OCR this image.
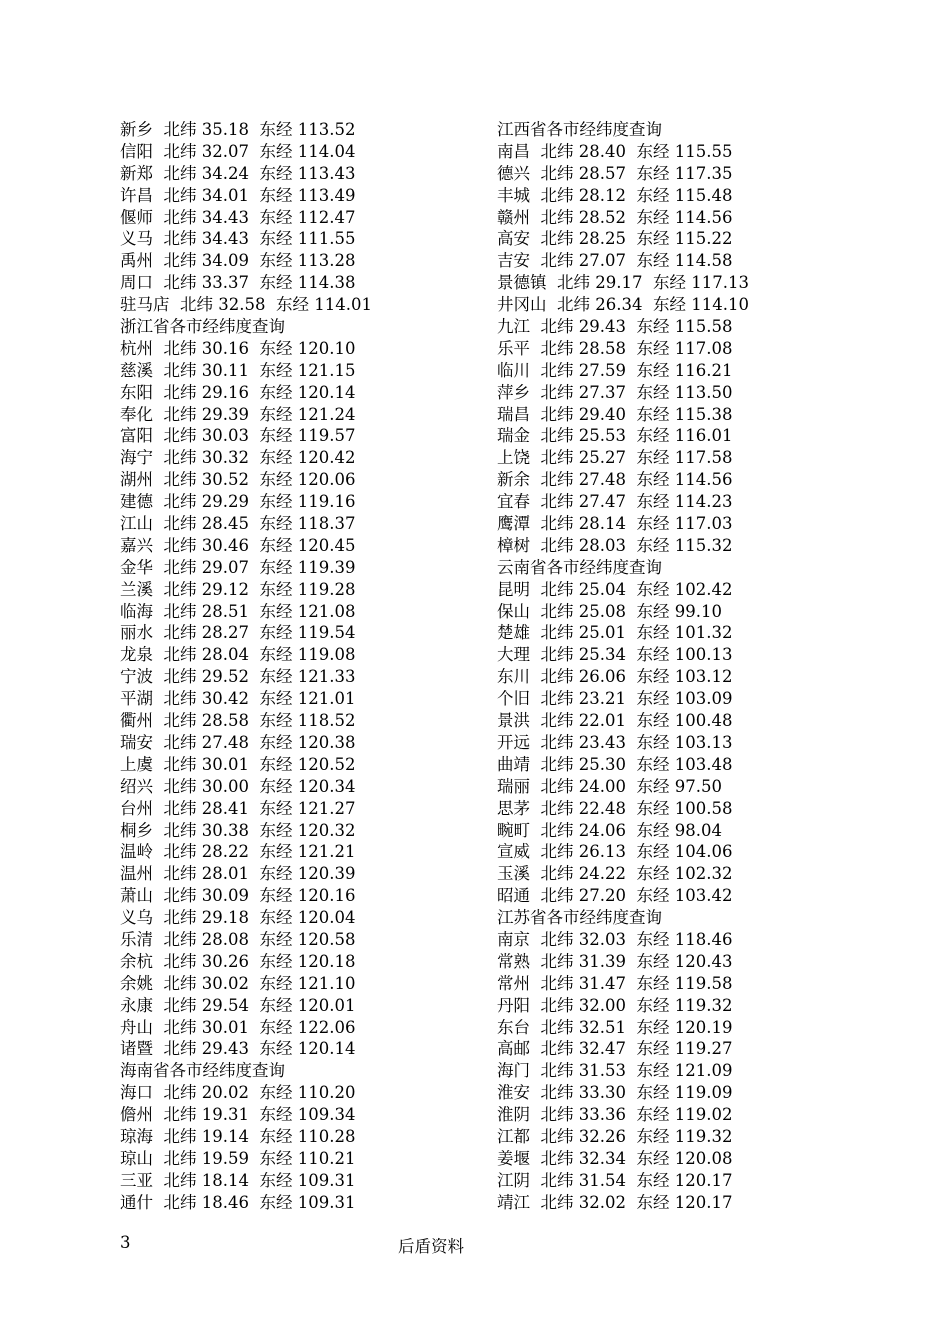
新乡  北纬 35.18  东经 113.52
信阳  北纬 32.07  东经 114.04
新郑  北纬 34.24  东经 113.43
许昌  北纬 34.01  东经 113.49
偃师  北纬 34.43  东经 112.47
义马  北纬 34.43  东经 111.55
禹州  北纬 34.09  东经 113.28
周口  北纬 33.37  东经 114.38
驻马店  北纬 32.58  东经 114.01
浙江省各市经纬度查询
杭州  北纬 30.16  东经 120.10
慈溪  北纬 30.11  东经 121.15
东阳  北纬 29.16  东经 120.14
奉化  北纬 29.39  东经 121.24
富阳  北纬 30.03  东经 119.57
海宁  北纬 30.32  东经 120.42
湖州  北纬 30.52  东经 120.06
建德  北纬 29.29  东经 119.16
江山  北纬 28.45  东经 118.37
嘉兴  北纬 30.46  东经 120.45
金华  北纬 29.07  东经 119.39
兰溪  北纬 29.12  东经 119.28
临海  北纬 28.51  东经 121.08
丽水  北纬 28.27  东经 119.54
龙泉  北纬 28.04  东经 119.08
宁波  北纬 29.52  东经 121.33
平湖  北纬 30.42  东经 121.01
衢州  北纬 28.58  东经 118.52
瑞安  北纬 27.48  东经 120.38
上虞  北纬 30.01  东经 120.52
绍兴  北纬 30.00  东经 120.34
台州  北纬 28.41  东经 121.27
桐乡  北纬 30.38  东经 120.32
温岭  北纬 28.22  东经 121.21
温州  北纬 28.01  东经 120.39
萧山  北纬 30.09  东经 120.16
义乌  北纬 29.18  东经 120.04
乐清  北纬 28.08  东经 120.58
余杭  北纬 30.26  东经 120.18
余姚  北纬 30.02  东经 121.10
永康  北纬 29.54  东经 120.01
舟山  北纬 30.01  东经 122.06
诸暨  北纬 29.43  东经 120.14
海南省各市经纬度查询
海口  北纬 20.02  东经 110.20
儋州  北纬 19.31  东经 109.34
琼海  北纬 19.14  东经 110.28
琼山  北纬 19.59  东经 110.21
三亚  北纬 18.14  东经 109.31
通什  北纬 18.46  东经 109.31
江西省各市经纬度查询
南昌  北纬 28.40  东经 115.55
德兴  北纬 28.57  东经 117.35
丰城  北纬 28.12  东经 115.48
赣州  北纬 28.52  东经 114.56
高安  北纬 28.25  东经 115.22
吉安  北纬 27.07  东经 114.58
景德镇  北纬 29.17  东经 117.13
井冈山  北纬 26.34  东经 114.10
九江  北纬 29.43  东经 115.58
乐平  北纬 28.58  东经 117.08
临川  北纬 27.59  东经 116.21
萍乡  北纬 27.37  东经 113.50
瑞昌  北纬 29.40  东经 115.38
瑞金  北纬 25.53  东经 116.01
上饶  北纬 25.27  东经 117.58
新余  北纬 27.48  东经 114.56
宜春  北纬 27.47  东经 114.23
鹰潭  北纬 28.14  东经 117.03
樟树  北纬 28.03  东经 115.32
云南省各市经纬度查询
昆明  北纬 25.04  东经 102.42
保山  北纬 25.08  东经 99.10
楚雄  北纬 25.01  东经 101.32
大理  北纬 25.34  东经 100.13
东川  北纬 26.06  东经 103.12
个旧  北纬 23.21  东经 103.09
景洪  北纬 22.01  东经 100.48
开远  北纬 23.43  东经 103.13
曲靖  北纬 25.30  东经 103.48
瑞丽  北纬 24.00  东经 97.50
思茅  北纬 22.48  东经 100.58
畹町  北纬 24.06  东经 98.04
宣威  北纬 26.13  东经 104.06
玉溪  北纬 24.22  东经 102.32
昭通  北纬 27.20  东经 103.42
江苏省各市经纬度查询
南京  北纬 32.03  东经 118.46
常熟  北纬 31.39  东经 120.43
常州  北纬 31.47  东经 119.58
丹阳  北纬 32.00  东经 119.32
东台  北纬 32.51  东经 120.19
高邮  北纬 32.47  东经 119.27
海门  北纬 31.53  东经 121.09
淮安  北纬 33.30  东经 119.09
淮阴  北纬 33.36  东经 119.02
江都  北纬 32.26  东经 119.32
姜堰  北纬 32.34  东经 120.08
江阴  北纬 31.54  东经 120.17
靖江  北纬 32.02  东经 120.17
3	后盾资料
